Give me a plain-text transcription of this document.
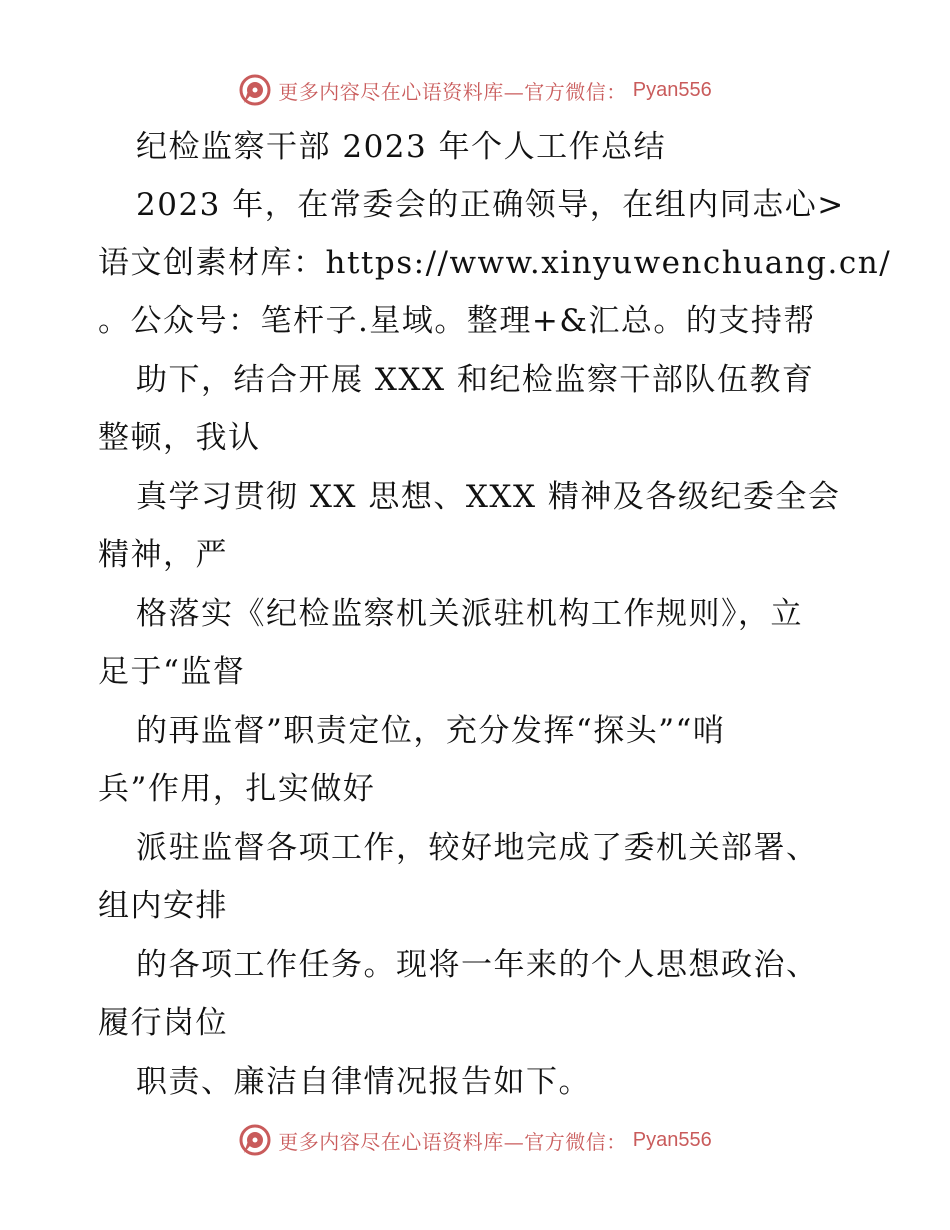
更多内容尽在心语资料库—官方微信： Pyan556
纪检监察干部 2023 年个人工作总结
2023 年，在常委会的正确领导，在组内同志心>
语文创素材库：https://www.xinyuwenchuang.cn/
。公众号：笔杆子.星域。整理+&汇总。的支持帮
助下，结合开展 XXX 和纪检监察干部队伍教育
整顿，我认
真学习贯彻 XX 思想、XXX 精神及各级纪委全会
精神，严
格落实《纪检监察机关派驻机构工作规则》，立
足于“监督
的再监督”职责定位，充分发挥“探头”“哨
兵”作用，扎实做好
派驻监督各项工作，较好地完成了委机关部署、
组内安排
的各项工作任务。现将一年来的个人思想政治、
履行岗位
职责、廉洁自律情况报告如下。
更多内容尽在心语资料库—官方微信： Pyan556
